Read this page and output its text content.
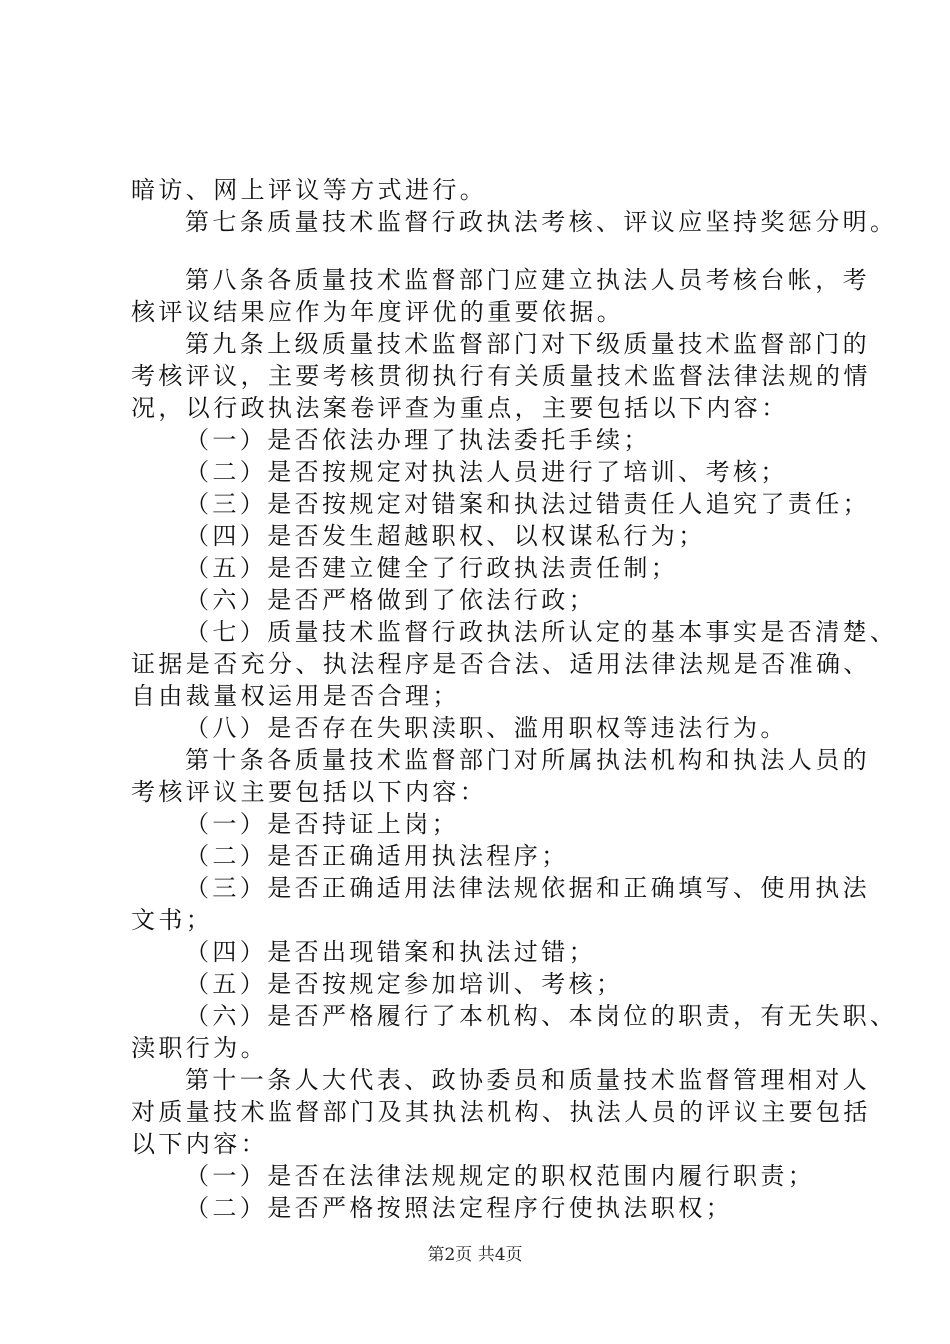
暗访、网上评议等方式进行。
第七条质量技术监督行政执法考核、评议应坚持奖惩分明。
第八条各质量技术监督部门应建立执法人员考核台帐，考
核评议结果应作为年度评优的重要依据。
第九条上级质量技术监督部门对下级质量技术监督部门的
考核评议，主要考核贯彻执行有关质量技术监督法律法规的情
况，以行政执法案卷评查为重点，主要包括以下内容：
（一）是否依法办理了执法委托手续；
（二）是否按规定对执法人员进行了培训、考核；
（三）是否按规定对错案和执法过错责任人追究了责任；
（四）是否发生超越职权、以权谋私行为；
（五）是否建立健全了行政执法责任制；
（六）是否严格做到了依法行政；
（七）质量技术监督行政执法所认定的基本事实是否清楚、
证据是否充分、执法程序是否合法、适用法律法规是否准确、
自由裁量权运用是否合理；
（八）是否存在失职渎职、滥用职权等违法行为。
第十条各质量技术监督部门对所属执法机构和执法人员的
考核评议主要包括以下内容：
（一）是否持证上岗；
（二）是否正确适用执法程序；
（三）是否正确适用法律法规依据和正确填写、使用执法
文书；
（四）是否出现错案和执法过错；
（五）是否按规定参加培训、考核；
（六）是否严格履行了本机构、本岗位的职责，有无失职、
渎职行为。
第十一条人大代表、政协委员和质量技术监督管理相对人
对质量技术监督部门及其执法机构、执法人员的评议主要包括
以下内容：
（一）是否在法律法规规定的职权范围内履行职责；
（二）是否严格按照法定程序行使执法职权；
第2页 共4页
